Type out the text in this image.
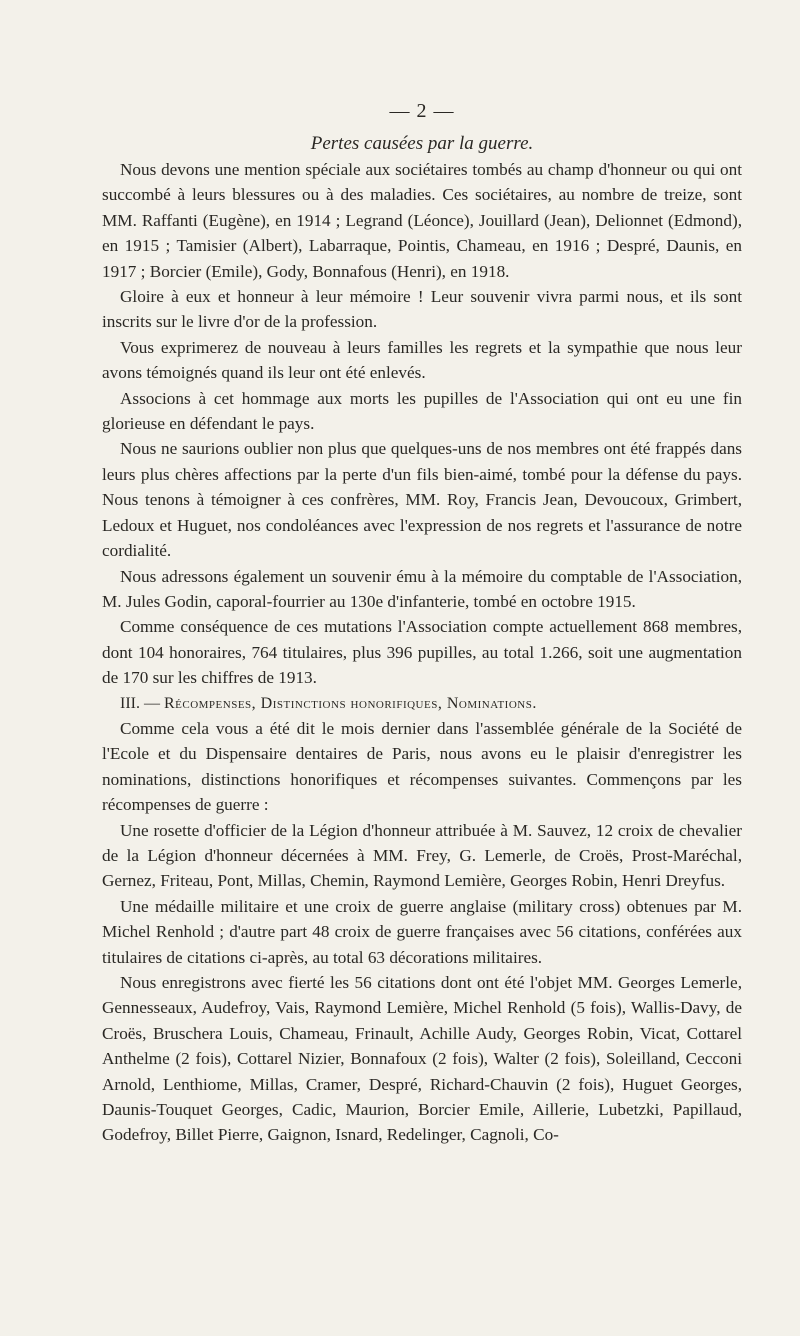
— 2 —
Pertes causées par la guerre.

Nous devons une mention spéciale aux sociétaires tombés au champ d'honneur ou qui ont succombé à leurs blessures ou à des maladies. Ces sociétaires, au nombre de treize, sont MM. Raffanti (Eugène), en 1914 ; Legrand (Léonce), Jouillard (Jean), Delionnet (Edmond), en 1915 ; Tamisier (Albert), Labarraque, Pointis, Chameau, en 1916 ; Despré, Daunis, en 1917 ; Borcier (Emile), Gody, Bonnafous (Henri), en 1918.

Gloire à eux et honneur à leur mémoire ! Leur souvenir vivra parmi nous, et ils sont inscrits sur le livre d'or de la profession.

Vous exprimerez de nouveau à leurs familles les regrets et la sympathie que nous leur avons témoignés quand ils leur ont été enlevés.

Associons à cet hommage aux morts les pupilles de l'Association qui ont eu une fin glorieuse en défendant le pays.

Nous ne saurions oublier non plus que quelques-uns de nos membres ont été frappés dans leurs plus chères affections par la perte d'un fils bien-aimé, tombé pour la défense du pays. Nous tenons à témoigner à ces confrères, MM. Roy, Francis Jean, Devoucoux, Grimbert, Ledoux et Huguet, nos condoléances avec l'expression de nos regrets et l'assurance de notre cordialité.

Nous adressons également un souvenir ému à la mémoire du comptable de l'Association, M. Jules Godin, caporal-fourrier au 130e d'infanterie, tombé en octobre 1915.

Comme conséquence de ces mutations l'Association compte actuellement 868 membres, dont 104 honoraires, 764 titulaires, plus 396 pupilles, au total 1.266, soit une augmentation de 170 sur les chiffres de 1913.

III. — Récompenses, Distinctions honorifiques, Nominations.

Comme cela vous a été dit le mois dernier dans l'assemblée générale de la Société de l'Ecole et du Dispensaire dentaires de Paris, nous avons eu le plaisir d'enregistrer les nominations, distinctions honorifiques et récompenses suivantes. Commençons par les récompenses de guerre :

Une rosette d'officier de la Légion d'honneur attribuée à M. Sauvez, 12 croix de chevalier de la Légion d'honneur décernées à MM. Frey, G. Lemerle, de Croës, Prost-Maréchal, Gernez, Friteau, Pont, Millas, Chemin, Raymond Lemière, Georges Robin, Henri Dreyfus.

Une médaille militaire et une croix de guerre anglaise (military cross) obtenues par M. Michel Renhold ; d'autre part 48 croix de guerre françaises avec 56 citations, conférées aux titulaires de citations ci-après, au total 63 décorations militaires.

Nous enregistrons avec fierté les 56 citations dont ont été l'objet MM. Georges Lemerle, Gennesseaux, Audefroy, Vais, Raymond Lemière, Michel Renhold (5 fois), Wallis-Davy, de Croës, Bruschera Louis, Chameau, Frinault, Achille Audy, Georges Robin, Vicat, Cottarel Anthelme (2 fois), Cottarel Nizier, Bonnafoux (2 fois), Walter (2 fois), Soleilland, Cecconi Arnold, Lenthiome, Millas, Cramer, Despré, Richard-Chauvin (2 fois), Huguet Georges, Daunis-Touquet Georges, Cadic, Maurion, Borcier Emile, Aillerie, Lubetzki, Papillaud, Godefroy, Billet Pierre, Gaignon, Isnard, Redelinger, Cagnoli, Co-
